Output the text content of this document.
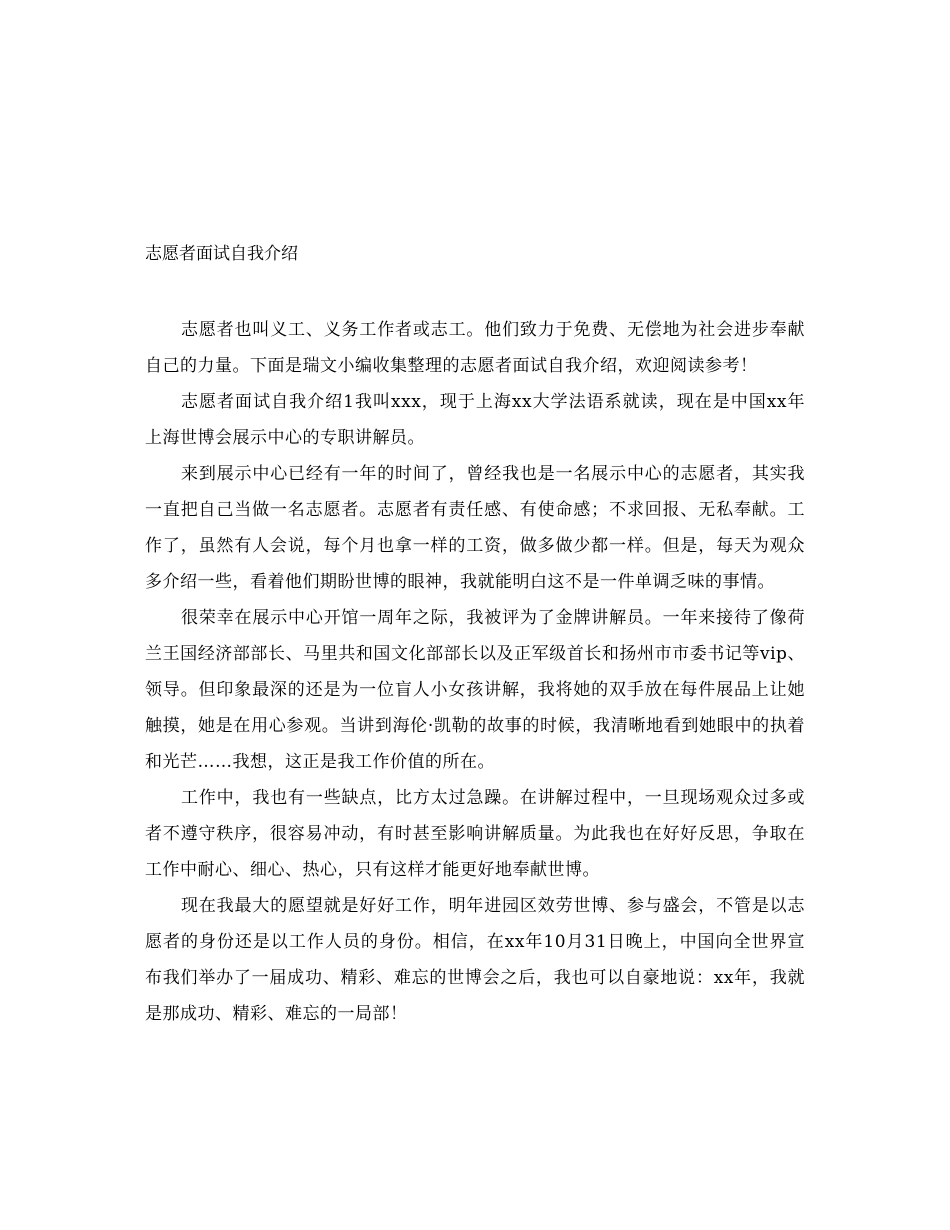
志愿者面试自我介绍

志愿者也叫义工、义务工作者或志工。他们致力于免费、无偿地为社会进步奉献自己的力量。下面是瑞文小编收集整理的志愿者面试自我介绍，欢迎阅读参考！

志愿者面试自我介绍1我叫xxx，现于上海xx大学法语系就读，现在是中国xx年上海世博会展示中心的专职讲解员。

来到展示中心已经有一年的时间了，曾经我也是一名展示中心的志愿者，其实我一直把自己当做一名志愿者。志愿者有责任感、有使命感；不求回报、无私奉献。工作了，虽然有人会说，每个月也拿一样的工资，做多做少都一样。但是，每天为观众多介绍一些，看着他们期盼世博的眼神，我就能明白这不是一件单调乏味的事情。

很荣幸在展示中心开馆一周年之际，我被评为了金牌讲解员。一年来接待了像荷兰王国经济部部长、马里共和国文化部部长以及正军级首长和扬州市市委书记等vip、领导。但印象最深的还是为一位盲人小女孩讲解，我将她的双手放在每件展品上让她触摸，她是在用心参观。当讲到海伦·凯勒的故事的时候，我清晰地看到她眼中的执着和光芒……我想，这正是我工作价值的所在。

工作中，我也有一些缺点，比方太过急躁。在讲解过程中，一旦现场观众过多或者不遵守秩序，很容易冲动，有时甚至影响讲解质量。为此我也在好好反思，争取在工作中耐心、细心、热心，只有这样才能更好地奉献世博。

现在我最大的愿望就是好好工作，明年进园区效劳世博、参与盛会，不管是以志愿者的身份还是以工作人员的身份。相信，在xx年10月31日晚上，中国向全世界宣布我们举办了一届成功、精彩、难忘的世博会之后，我也可以自豪地说：xx年，我就是那成功、精彩、难忘的一局部！
